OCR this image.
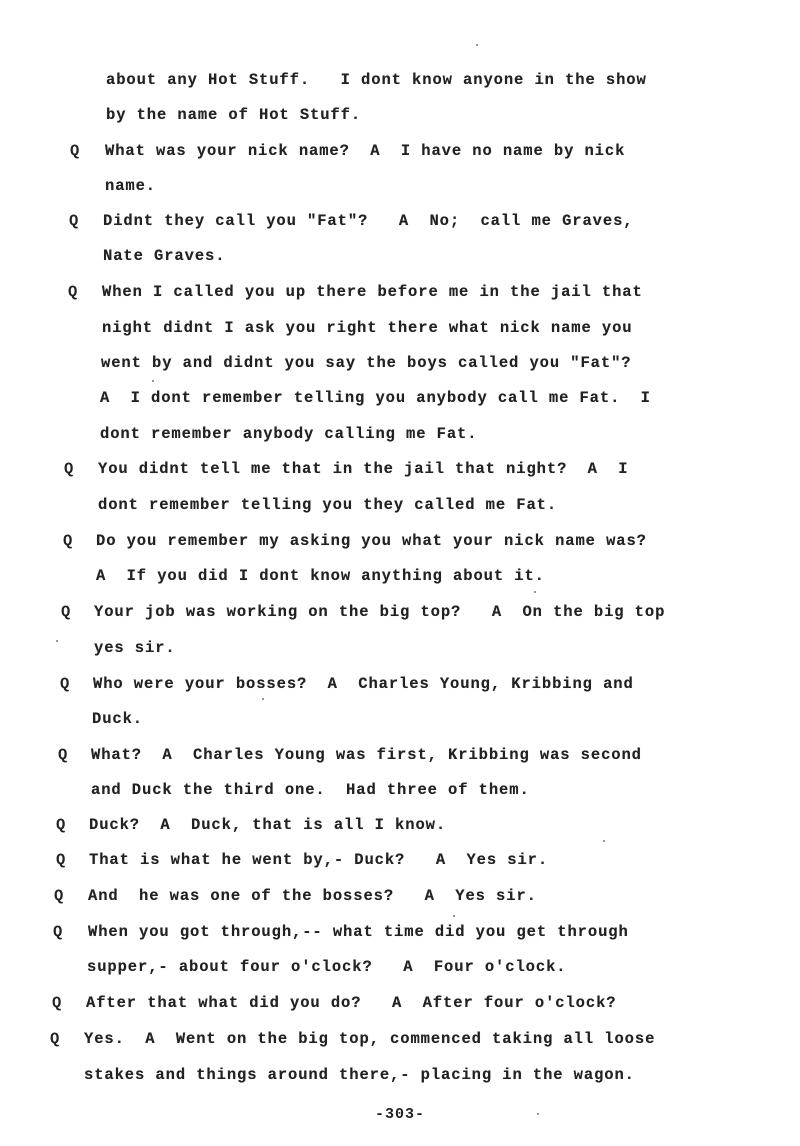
about any Hot Stuff.   I dont know anyone in the show
by the name of Hot Stuff.
Q What was your nick name?  A  I have no name by nick
name.
Q Didnt they call you "Fat"?   A  No;  call me Graves,
Nate Graves.
Q When I called you up there before me in the jail that
night didnt I ask you right there what nick name you
went by and didnt you say the boys called you "Fat"?
A  I dont remember telling you anybody call me Fat.  I
dont remember anybody calling me Fat.
Q You didnt tell me that in the jail that night?  A  I
dont remember telling you they called me Fat.
Q Do you remember my asking you what your nick name was?
A  If you did I dont know anything about it.
Q Your job was working on the big top?   A  On the big top
yes sir.
Q Who were your bosses?  A  Charles Young, Kribbing and
Duck.
Q What?  A  Charles Young was first, Kribbing was second
and Duck the third one.  Had three of them.
Q Duck?  A  Duck, that is all I know.
Q That is what he went by,- Duck?   A  Yes sir.
Q And  he was one of the bosses?   A  Yes sir.
Q When you got through,-- what time did you get through
supper,- about four o'clock?   A  Four o'clock.
Q After that what did you do?   A  After four o'clock?
Q Yes.  A  Went on the big top, commenced taking all loose
stakes and things around there,- placing in the wagon.
-303-
